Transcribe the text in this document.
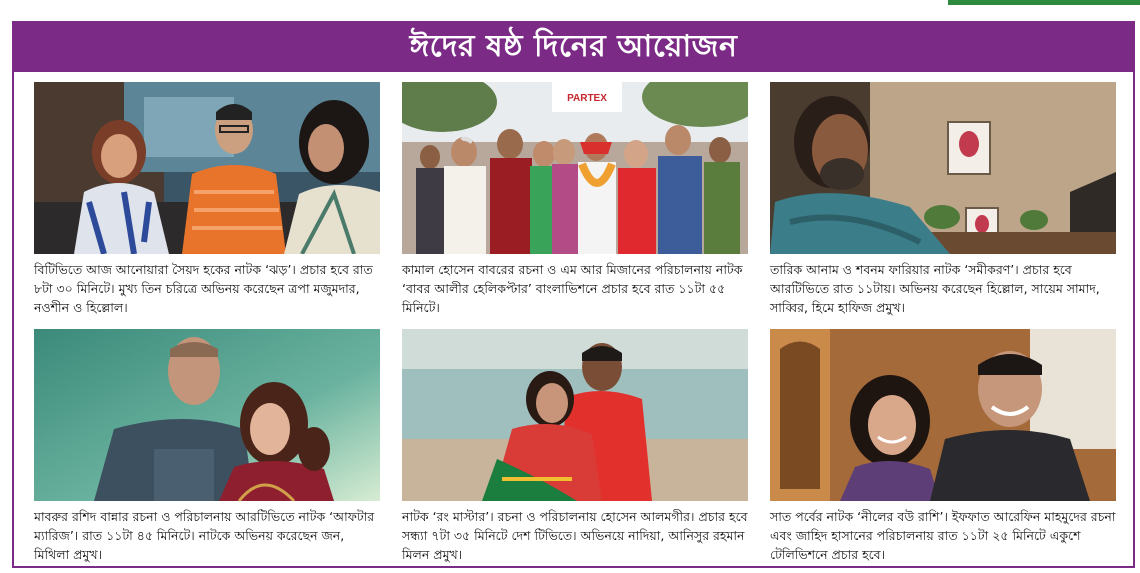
ঈদের ষষ্ঠ দিনের আয়োজন
বিটিভিতে আজ আনোয়ারা সৈয়দ হকের নাটক ‘ঝড়’। প্রচার হবে রাত ৮টা ৩০ মিনিটে। মুখ্য তিন চরিত্রে অভিনয় করেছেন ত্রপা মজুমদার, নওশীন ও হিল্লোল।
PARTEX
কামাল হোসেন বাবরের রচনা ও এম আর মিজানের পরিচালনায় নাটক ‘বাবর আলীর হেলিকপ্টার’ বাংলাভিশনে প্রচার হবে রাত ১১টা ৫৫ মিনিটে।
তারিক আনাম ও শবনম ফারিয়ার নাটক ‘সমীকরণ’। প্রচার হবে আরটিভিতে রাত ১১টায়। অভিনয় করেছেন হিল্লোল, সায়েম সামাদ, সাব্বির, হিমে হাফিজ প্রমুখ।
মাবরুর রশিদ বান্নার রচনা ও পরিচালনায় আরটিভিতে নাটক ‘আফটার ম্যারিজ’। রাত ১১টা ৪৫ মিনিটে। নাটকে অভিনয় করেছেন জন, মিথিলা প্রমুখ।
নাটক ‘রং মাস্টার’। রচনা ও পরিচালনায় হোসেন আলমগীর। প্রচার হবে সন্ধ্যা ৭টা ৩৫ মিনিটে দেশ টিভিতে। অভিনয়ে নাদিয়া, আনিসুর রহমান মিলন প্রমুখ।
সাত পর্বের নাটক ‘নীলের বউ রাশি’। ইফফাত আরেফিন মাহমুদের রচনা এবং জাহিদ হাসানের পরিচালনায় রাত ১১টা ২৫ মিনিটে একুশে টেলিভিশনে প্রচার হবে।
